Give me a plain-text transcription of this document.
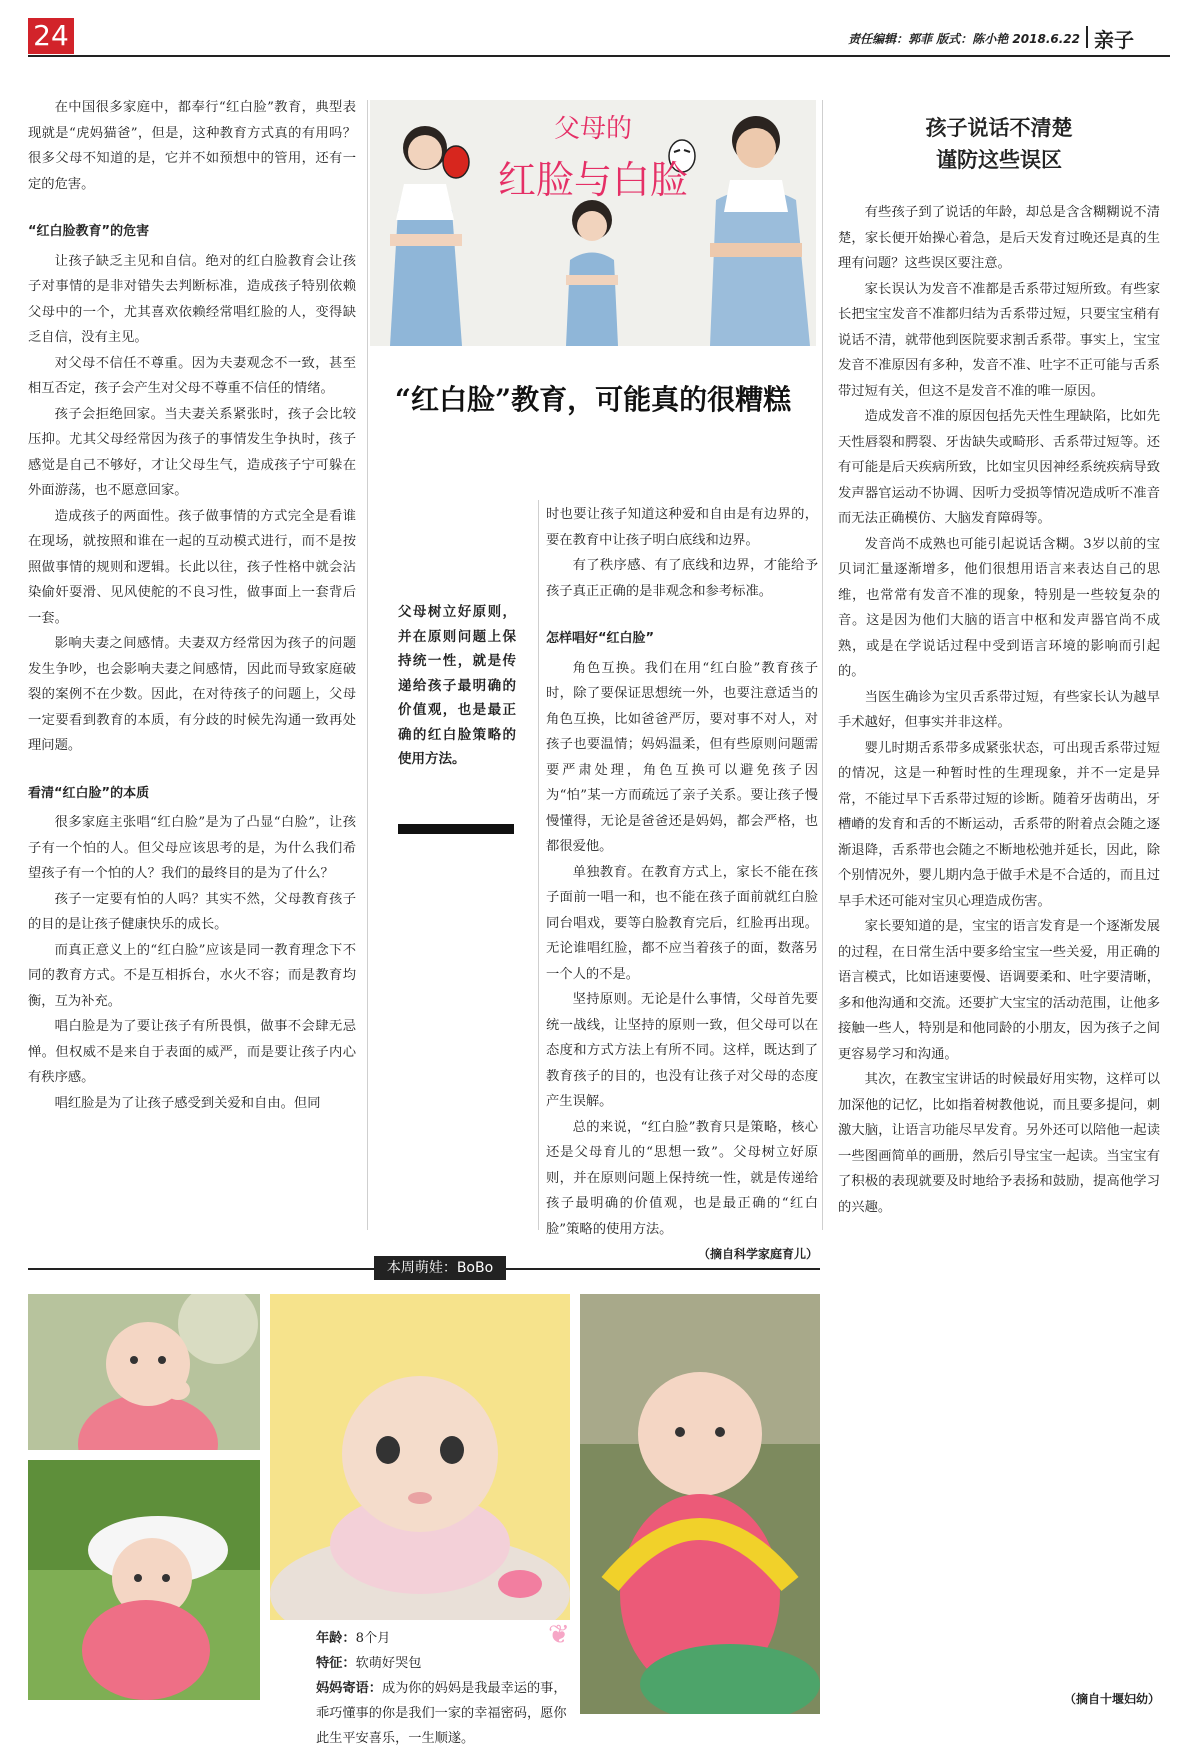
24	责任编辑：郭菲 版式：陈小艳 2018.6.22 亲子

在中国很多家庭中，都奉行“红白脸”教育，典型表现就是“虎妈猫爸”，但是，这种教育方式真的有用吗？很多父母不知道的是，它并不如预想中的管用，还有一定的危害。

“红白脸教育”的危害

让孩子缺乏主见和自信。绝对的红白脸教育会让孩子对事情的是非对错失去判断标准，造成孩子特别依赖父母中的一个，尤其喜欢依赖经常唱红脸的人，变得缺乏自信，没有主见。

对父母不信任不尊重。因为夫妻观念不一致，甚至相互否定，孩子会产生对父母不尊重不信任的情绪。

孩子会拒绝回家。当夫妻关系紧张时，孩子会比较压抑。尤其父母经常因为孩子的事情发生争执时，孩子感觉是自己不够好，才让父母生气，造成孩子宁可躲在外面游荡，也不愿意回家。

造成孩子的两面性。孩子做事情的方式完全是看谁在现场，就按照和谁在一起的互动模式进行，而不是按照做事情的规则和逻辑。长此以往，孩子性格中就会沾染偷奸耍滑、见风使舵的不良习性，做事面上一套背后一套。

影响夫妻之间感情。夫妻双方经常因为孩子的问题发生争吵，也会影响夫妻之间感情，因此而导致家庭破裂的案例不在少数。因此，在对待孩子的问题上，父母一定要看到教育的本质，有分歧的时候先沟通一致再处理问题。

看清“红白脸”的本质

很多家庭主张唱“红白脸”是为了凸显“白脸”，让孩子有一个怕的人。但父母应该思考的是，为什么我们希望孩子有一个怕的人？我们的最终目的是为了什么？

孩子一定要有怕的人吗？其实不然，父母教育孩子的目的是让孩子健康快乐的成长。

而真正意义上的“红白脸”应该是同一教育理念下不同的教育方式。不是互相拆台，水火不容；而是教育均衡，互为补充。

唱白脸是为了要让孩子有所畏惧，做事不会肆无忌惮。但权威不是来自于表面的威严，而是要让孩子内心有秩序感。

唱红脸是为了让孩子感受到关爱和自由。但同

父母的
红脸与白脸
“红白脸”教育，可能真的很糟糕
父母树立好原则，并在原则问题上保持统一性，就是传递给孩子最明确的价值观，也是最正确的红白脸策略的使用方法。

时也要让孩子知道这种爱和自由是有边界的，要在教育中让孩子明白底线和边界。

有了秩序感、有了底线和边界，才能给予孩子真正正确的是非观念和参考标准。

怎样唱好“红白脸”

角色互换。我们在用“红白脸”教育孩子时，除了要保证思想统一外，也要注意适当的角色互换，比如爸爸严厉，要对事不对人，对孩子也要温情；妈妈温柔，但有些原则问题需要严肃处理，角色互换可以避免孩子因为“怕”某一方而疏远了亲子关系。要让孩子慢慢懂得，无论是爸爸还是妈妈，都会严格，也都很爱他。

单独教育。在教育方式上，家长不能在孩子面前一唱一和，也不能在孩子面前就红白脸同台唱戏，要等白脸教育完后，红脸再出现。无论谁唱红脸，都不应当着孩子的面，数落另一个人的不是。

坚持原则。无论是什么事情，父母首先要统一战线，让坚持的原则一致，但父母可以在态度和方式方法上有所不同。这样，既达到了教育孩子的目的，也没有让孩子对父母的态度产生误解。

总的来说，“红白脸”教育只是策略，核心还是父母育儿的“思想一致”。父母树立好原则，并在原则问题上保持统一性，就是传递给孩子最明确的价值观，也是最正确的“红白脸”策略的使用方法。

（摘自科学家庭育儿）

孩子说话不清楚
谨防这些误区

有些孩子到了说话的年龄，却总是含含糊糊说不清楚，家长便开始操心着急，是后天发育过晚还是真的生理有问题？这些误区要注意。

家长误认为发音不准都是舌系带过短所致。有些家长把宝宝发音不准都归结为舌系带过短，只要宝宝稍有说话不清，就带他到医院要求割舌系带。事实上，宝宝发音不准原因有多种，发音不准、吐字不正可能与舌系带过短有关，但这不是发音不准的唯一原因。

造成发音不准的原因包括先天性生理缺陷，比如先天性唇裂和腭裂、牙齿缺失或畸形、舌系带过短等。还有可能是后天疾病所致，比如宝贝因神经系统疾病导致发声器官运动不协调、因听力受损等情况造成听不准音而无法正确模仿、大脑发育障碍等。

发音尚不成熟也可能引起说话含糊。3岁以前的宝贝词汇量逐渐增多，他们很想用语言来表达自己的思维，也常常有发音不准的现象，特别是一些较复杂的音。这是因为他们大脑的语言中枢和发声器官尚不成熟，或是在学说话过程中受到语言环境的影响而引起的。

当医生确诊为宝贝舌系带过短，有些家长认为越早手术越好，但事实并非这样。

婴儿时期舌系带多成紧张状态，可出现舌系带过短的情况，这是一种暂时性的生理现象，并不一定是异常，不能过早下舌系带过短的诊断。随着牙齿萌出，牙槽嵴的发育和舌的不断运动，舌系带的附着点会随之逐渐退降，舌系带也会随之不断地松弛并延长，因此，除个别情况外，婴儿期内急于做手术是不合适的，而且过早手术还可能对宝贝心理造成伤害。

家长要知道的是，宝宝的语言发育是一个逐渐发展的过程，在日常生活中要多给宝宝一些关爱，用正确的语言模式，比如语速要慢、语调要柔和、吐字要清晰，多和他沟通和交流。还要扩大宝宝的活动范围，让他多接触一些人，特别是和他同龄的小朋友，因为孩子之间更容易学习和沟通。

其次，在教宝宝讲话的时候最好用实物，这样可以加深他的记忆，比如指着树教他说，而且要多提问，刺激大脑，让语言功能尽早发育。另外还可以陪他一起读一些图画简单的画册，然后引导宝宝一起读。当宝宝有了积极的表现就要及时地给予表扬和鼓励，提高他学习的兴趣。

（摘自十堰妇幼）
本周萌娃：BoBo
❦
年龄：8个月
特征：软萌好哭包
妈妈寄语：成为你的妈妈是我最幸运的事，乖巧懂事的你是我们一家的幸福密码，愿你此生平安喜乐，一生顺遂。
